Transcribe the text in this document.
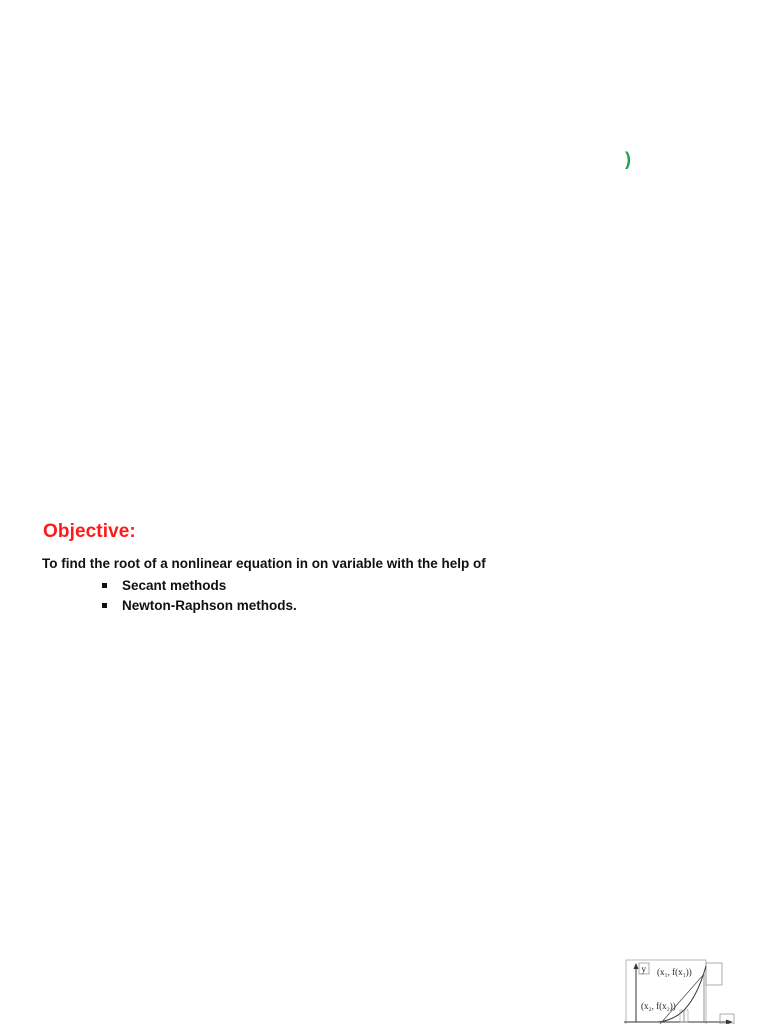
)
Objective:

To find the root of a nonlinear equation in on variable with the help of

Secant methods
Newton-Raphson methods.
y (x₁, f(x₁))
(x₂, f(x₂))
